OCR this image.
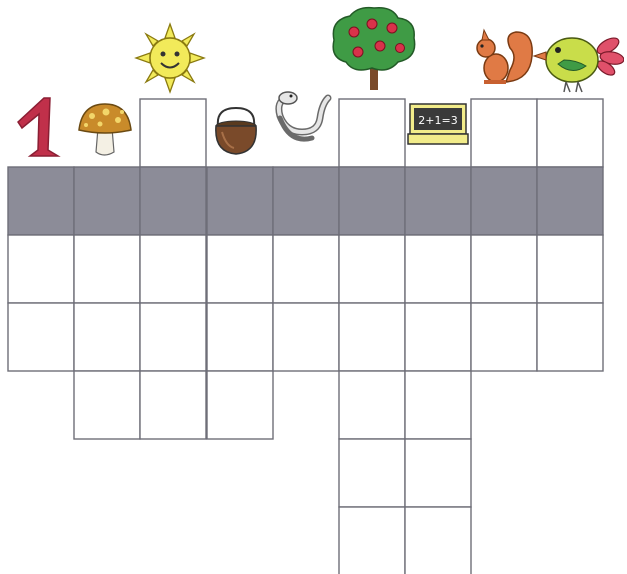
2+1=3
